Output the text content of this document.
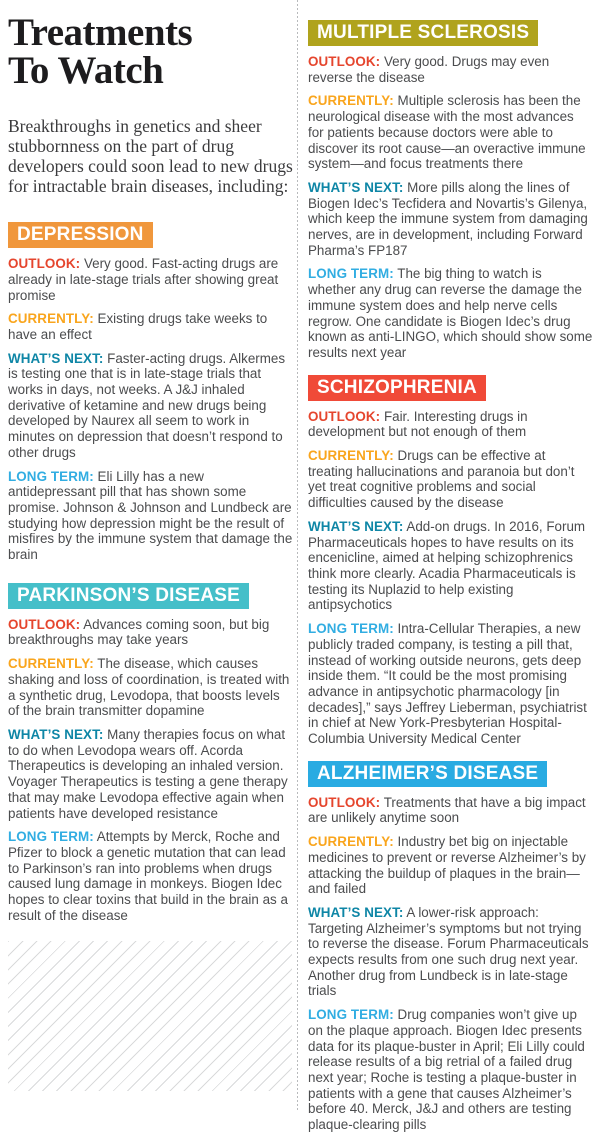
Treatments
To Watch

Breakthroughs in genetics and sheer stubbornness on the part of drug developers could soon lead to new drugs for intractable brain diseases, including:

DEPRESSION

OUTLOOK: Very good. Fast-acting drugs are already in late-stage trials after showing great promise

CURRENTLY: Existing drugs take weeks to have an effect

WHAT’S NEXT: Faster-acting drugs. Alkermes is testing one that is in late-stage trials that works in days, not weeks. A J&J inhaled derivative of ketamine and new drugs being developed by Naurex all seem to work in minutes on depression that doesn’t respond to other drugs

LONG TERM: Eli Lilly has a new antidepressant pill that has shown some promise. Johnson & Johnson and Lundbeck are studying how depression might be the result of misfires by the immune system that damage the brain

PARKINSON’S DISEASE

OUTLOOK: Advances coming soon, but big breakthroughs may take years

CURRENTLY: The disease, which causes shaking and loss of coordination, is treated with a synthetic drug, Levodopa, that boosts levels of the brain transmitter dopamine

WHAT’S NEXT: Many therapies focus on what to do when Levodopa wears off. Acorda Therapeutics is developing an inhaled version. Voyager Therapeutics is testing a gene therapy that may make Levodopa effective again when patients have developed resistance

LONG TERM: Attempts by Merck, Roche and Pfizer to block a genetic mutation that can lead to Parkinson’s ran into problems when drugs caused lung damage in monkeys. Biogen Idec hopes to clear toxins that build in the brain as a result of the disease

MULTIPLE SCLEROSIS

OUTLOOK: Very good. Drugs may even reverse the disease

CURRENTLY: Multiple sclerosis has been the neurological disease with the most advances for patients because doctors were able to discover its root cause—an overactive immune system—and focus treatments there

WHAT’S NEXT: More pills along the lines of Biogen Idec’s Tecfidera and Novartis’s Gilenya, which keep the immune system from damaging nerves, are in development, including Forward Pharma’s FP187

LONG TERM: The big thing to watch is whether any drug can reverse the damage the immune system does and help nerve cells regrow. One candidate is Biogen Idec’s drug known as anti-LINGO, which should show some results next year

SCHIZOPHRENIA

OUTLOOK: Fair. Interesting drugs in development but not enough of them

CURRENTLY: Drugs can be effective at treating hallucinations and paranoia but don’t yet treat cognitive problems and social difficulties caused by the disease

WHAT’S NEXT: Add-on drugs. In 2016, Forum Pharmaceuticals hopes to have results on its encenicline, aimed at helping schizophrenics think more clearly. Acadia Pharmaceuticals is testing its Nuplazid to help existing antipsychotics

LONG TERM: Intra-Cellular Therapies, a new publicly traded company, is testing a pill that, instead of working outside neurons, gets deep inside them. “It could be the most promising advance in antipsychotic pharmacology [in decades],” says Jeffrey Lieberman, psychiatrist in chief at New York-Presbyterian Hospital-Columbia University Medical Center

ALZHEIMER’S DISEASE

OUTLOOK: Treatments that have a big impact are unlikely anytime soon

CURRENTLY: Industry bet big on injectable medicines to prevent or reverse Alzheimer’s by attacking the buildup of plaques in the brain—and failed

WHAT’S NEXT: A lower-risk approach: Targeting Alzheimer’s symptoms but not trying to reverse the disease. Forum Pharmaceuticals expects results from one such drug next year. Another drug from Lundbeck is in late-stage trials

LONG TERM: Drug companies won’t give up on the plaque approach. Biogen Idec presents data for its plaque-buster in April; Eli Lilly could release results of a big retrial of a failed drug next year; Roche is testing a plaque-buster in patients with a gene that causes Alzheimer’s before 40. Merck, J&J and others are testing plaque-clearing pills
